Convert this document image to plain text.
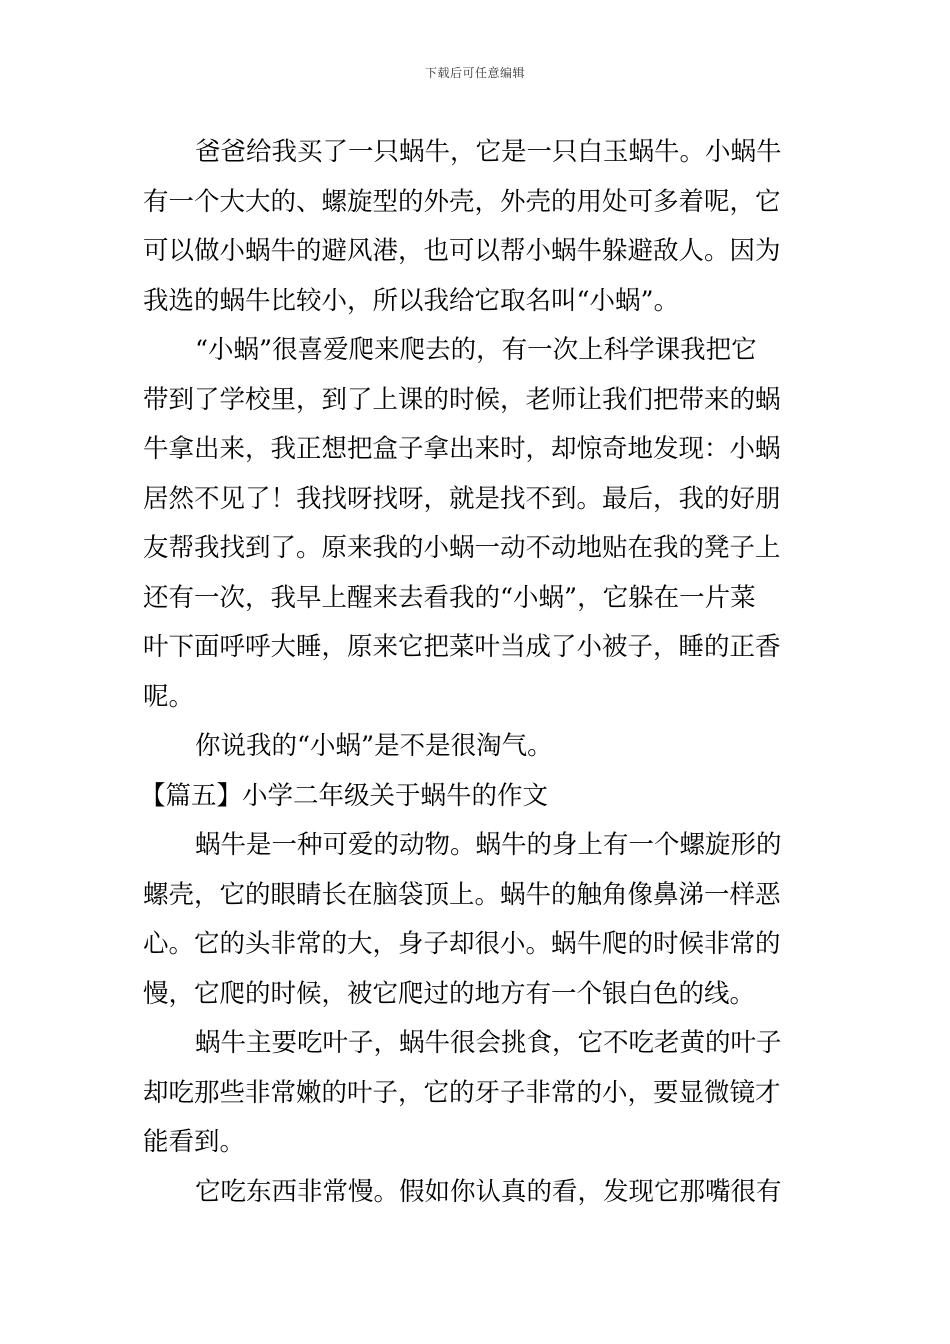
下载后可任意编辑
爸爸给我买了一只蜗牛，它是一只白玉蜗牛。小蜗牛
有一个大大的、螺旋型的外壳，外壳的用处可多着呢，它
可以做小蜗牛的避风港，也可以帮小蜗牛躲避敌人。因为
我选的蜗牛比较小，所以我给它取名叫“小蜗”。
“小蜗”很喜爱爬来爬去的，有一次上科学课我把它
带到了学校里，到了上课的时候，老师让我们把带来的蜗
牛拿出来，我正想把盒子拿出来时，却惊奇地发现：小蜗
居然不见了！我找呀找呀，就是找不到。最后，我的好朋
友帮我找到了。原来我的小蜗一动不动地贴在我的凳子上
还有一次，我早上醒来去看我的“小蜗”，它躲在一片菜
叶下面呼呼大睡，原来它把菜叶当成了小被子，睡的正香
呢。
你说我的“小蜗”是不是很淘气。
【篇五】小学二年级关于蜗牛的作文
蜗牛是一种可爱的动物。蜗牛的身上有一个螺旋形的
螺壳，它的眼睛长在脑袋顶上。蜗牛的触角像鼻涕一样恶
心。它的头非常的大，身子却很小。蜗牛爬的时候非常的
慢，它爬的时候，被它爬过的地方有一个银白色的线。
蜗牛主要吃叶子，蜗牛很会挑食，它不吃老黄的叶子
却吃那些非常嫩的叶子，它的牙子非常的小，要显微镜才
能看到。
它吃东西非常慢。假如你认真的看，发现它那嘴很有
